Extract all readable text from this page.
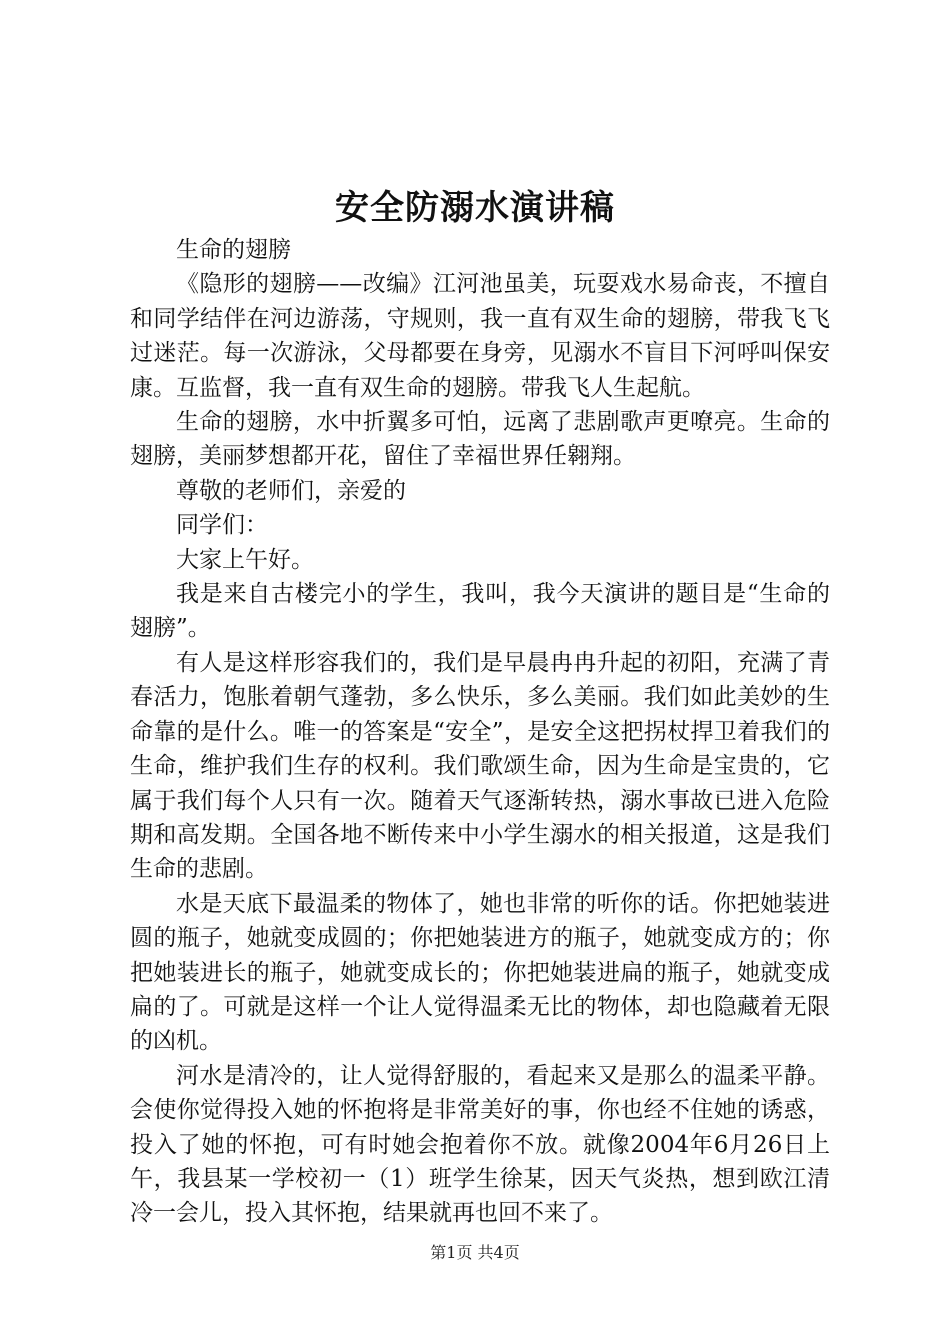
安全防溺水演讲稿

生命的翅膀

《隐形的翅膀——改编》江河池虽美，玩耍戏水易命丧，不擅自和同学结伴在河边游荡，守规则，我一直有双生命的翅膀，带我飞飞过迷茫。每一次游泳，父母都要在身旁，见溺水不盲目下河呼叫保安康。互监督，我一直有双生命的翅膀。带我飞人生起航。

生命的翅膀，水中折翼多可怕，远离了悲剧歌声更嘹亮。生命的翅膀，美丽梦想都开花，留住了幸福世界任翱翔。

尊敬的老师们，亲爱的

同学们：

大家上午好。

我是来自古楼完小的学生，我叫，我今天演讲的题目是“生命的翅膀”。

有人是这样形容我们的，我们是早晨冉冉升起的初阳，充满了青春活力，饱胀着朝气蓬勃，多么快乐，多么美丽。我们如此美妙的生命靠的是什么。唯一的答案是“安全”，是安全这把拐杖捍卫着我们的生命，维护我们生存的权利。我们歌颂生命，因为生命是宝贵的，它属于我们每个人只有一次。随着天气逐渐转热，溺水事故已进入危险期和高发期。全国各地不断传来中小学生溺水的相关报道，这是我们生命的悲剧。

水是天底下最温柔的物体了，她也非常的听你的话。你把她装进圆的瓶子，她就变成圆的；你把她装进方的瓶子，她就变成方的；你把她装进长的瓶子，她就变成长的；你把她装进扁的瓶子，她就变成扁的了。可就是这样一个让人觉得温柔无比的物体，却也隐藏着无限的凶机。

河水是清冷的，让人觉得舒服的，看起来又是那么的温柔平静。会使你觉得投入她的怀抱将是非常美好的事，你也经不住她的诱惑，投入了她的怀抱，可有时她会抱着你不放。就像2004年6月26日上午，我县某一学校初一（1）班学生徐某，因天气炎热，想到欧江清冷一会儿，投入其怀抱，结果就再也回不来了。

第1页 共4页
